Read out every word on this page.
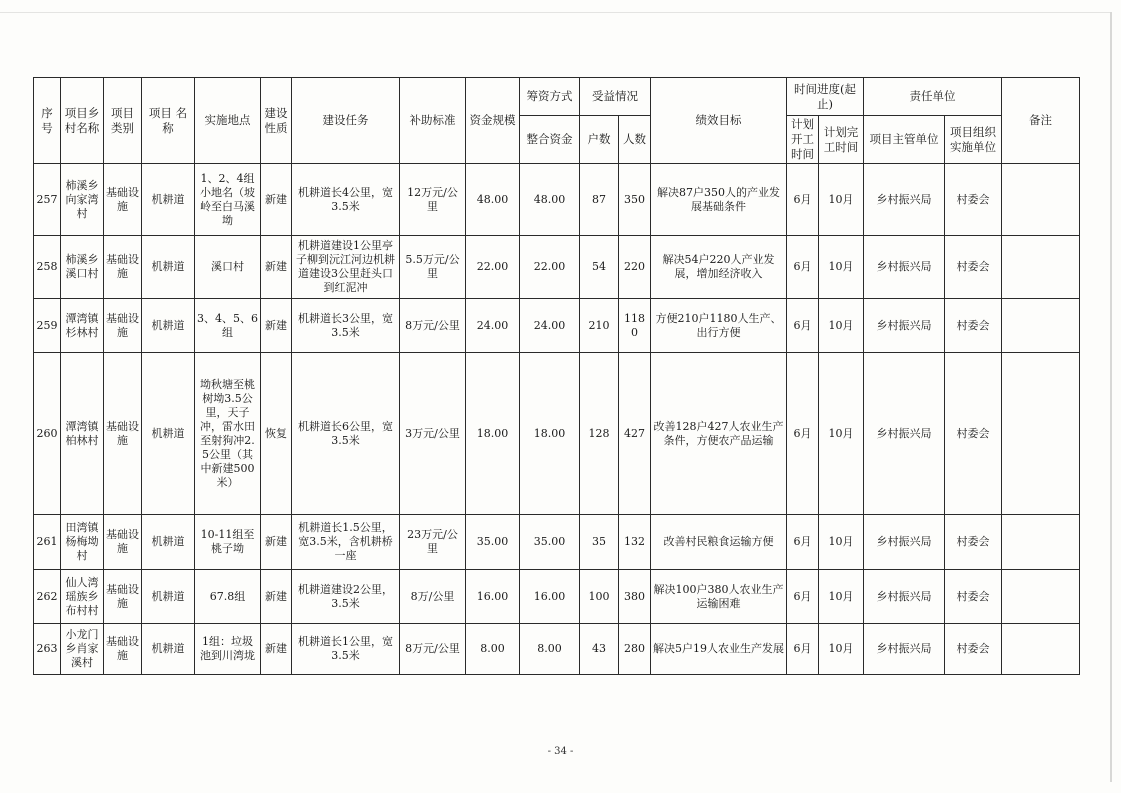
序号	项目乡村名称	项目类别	项目 名称	实施地点	建设性质	建设任务	补助标准	资金规模	筹资方式	受益情况		绩效目标	时间进度(起止)		责任单位		备注
									整合资金	户数	人数		计划开工时间	计划完工时间	项目主管单位	项目组织实施单位	
257	柿溪乡向家湾村	基础设施	机耕道	1、2、4组小地名（坡岭至白马溪坳	新建	机耕道长4公里，宽3.5米	12万元/公里	48.00	48.00	87	350	解决87户350人的产业发展基础条件	6月	10月	乡村振兴局	村委会	
258	柿溪乡溪口村	基础设施	机耕道	溪口村	新建	机耕道建设1公里亭子柳到沅江河边机耕道建设3公里赶头口到红泥冲	5.5万元/公里	22.00	22.00	54	220	解决54户220人产业发展，增加经济收入	6月	10月	乡村振兴局	村委会	
259	潭湾镇杉林村	基础设施	机耕道	3、4、5、6组	新建	机耕道长3公里，宽3.5米	8万元/公里	24.00	24.00	210	1180	方便210户1180人生产、出行方便	6月	10月	乡村振兴局	村委会	
260	潭湾镇柏林村	基础设施	机耕道	坳秋塘至桃树坳3.5公里，天子冲，雷水田至射狗冲2.5公里（其中新建500米）	恢复	机耕道长6公里，宽3.5米	3万元/公里	18.00	18.00	128	427	改善128户427人农业生产条件，方便农产品运输	6月	10月	乡村振兴局	村委会	
261	田湾镇杨梅坳村	基础设施	机耕道	10-11组至桃子坳	新建	机耕道长1.5公里，宽3.5米，含机耕桥一座	23万元/公里	35.00	35.00	35	132	改善村民粮食运输方便	6月	10月	乡村振兴局	村委会	
262	仙人湾瑶族乡布村村	基础设施	机耕道	67.8组	新建	机耕道建设2公里，3.5米	8万/公里	16.00	16.00	100	380	解决100户380人农业生产运输困难	6月	10月	乡村振兴局	村委会	
263	小龙门乡肖家溪村	基础设施	机耕道	1组：垃圾池到川湾垅	新建	机耕道长1公里，宽3.5米	8万元/公里	8.00	8.00	43	280	解决5户19人农业生产发展	6月	10月	乡村振兴局	村委会	
- 34 -
